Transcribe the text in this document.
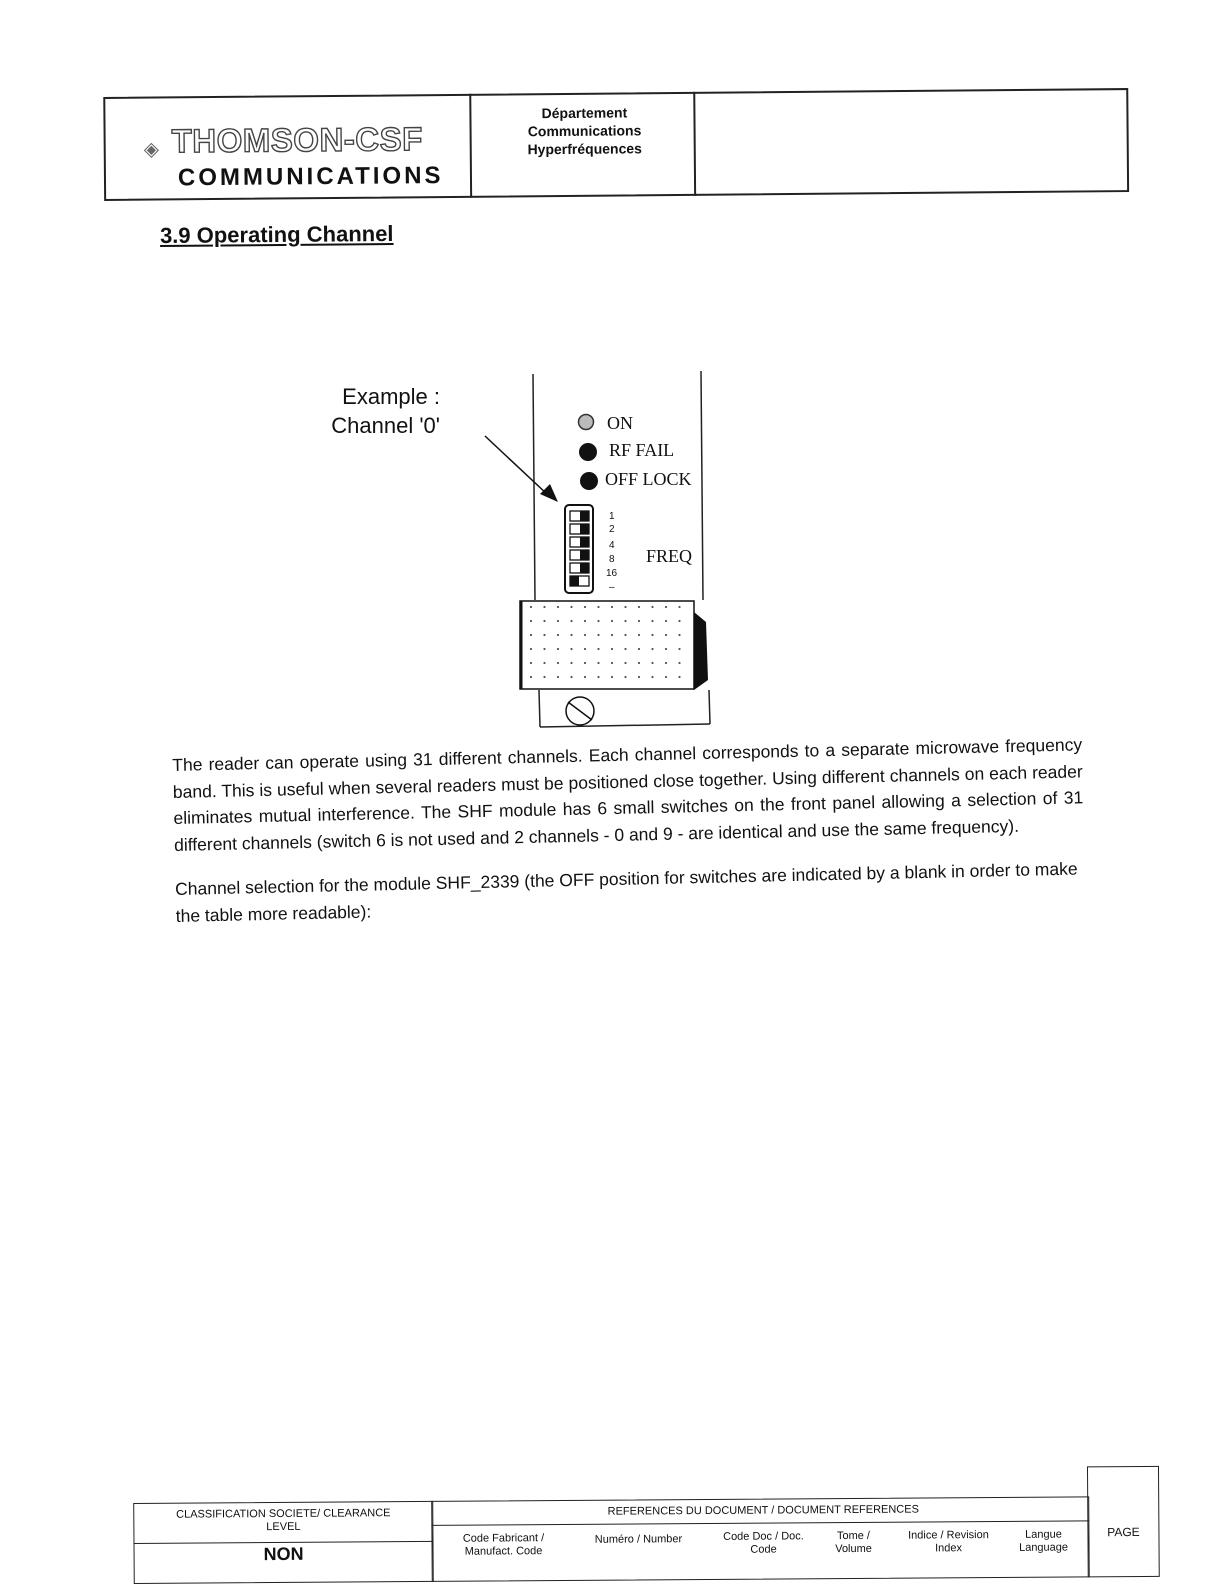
◈ THOMSON-CSF
COMMUNICATIONS
Département
Communications
Hyperfréquences
3.9 Operating Channel
Example :
Channel '0'	ON
RF FAIL
OFF LOCK
1
2
4
8
16
–
FREQ

The reader can operate using 31 different channels. Each channel corresponds to a separate microwave frequency band. This is useful when several readers must be positioned close together. Using different channels on each reader eliminates mutual interference. The SHF module has 6 small switches on the front panel allowing a selection of 31 different channels (switch 6 is not used and 2 channels - 0 and 9 - are identical and use the same frequency).

Channel selection for the module SHF_2339 (the OFF position for switches are indicated by a blank in order to make the table more readable):

CLASSIFICATION SOCIETE/ CLEARANCE LEVEL
NON
REFERENCES DU DOCUMENT / DOCUMENT REFERENCES
Code Fabricant / Manufact. Code
Numéro / Number	Code Doc / Doc. Code
Tome / Volume
Indice / Revision Index
Langue Language
PAGE
